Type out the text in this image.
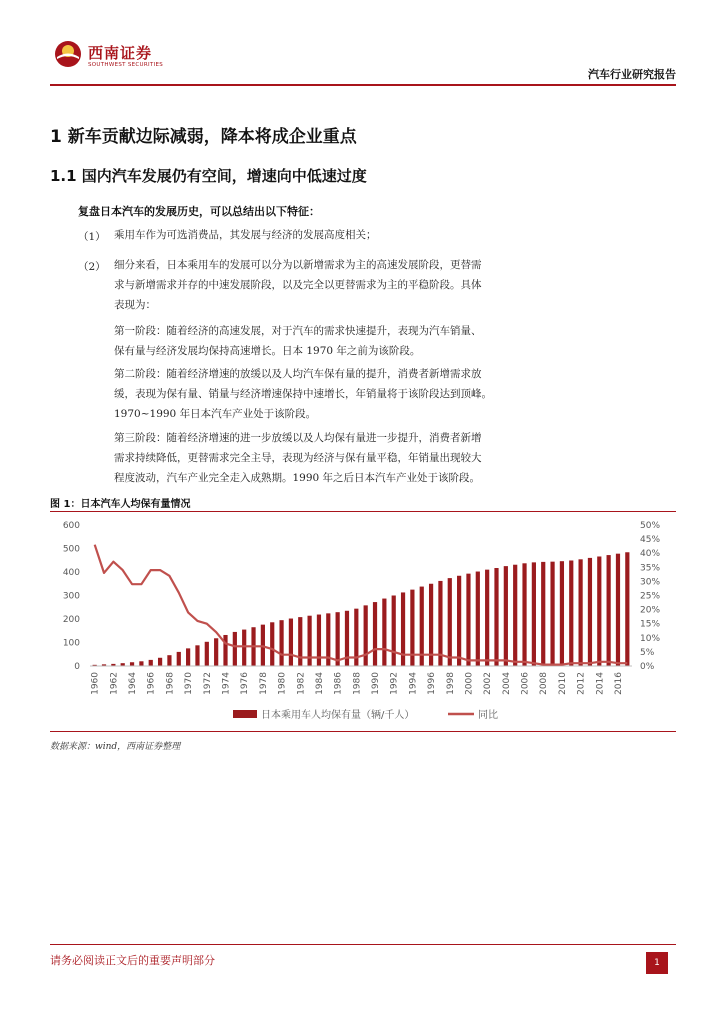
西南证券
SOUTHWEST SECURITIES
汽车行业研究报告
1 新车贡献边际减弱，降本将成企业重点
1.1 国内汽车发展仍有空间，增速向中低速过度
复盘日本汽车的发展历史，可以总结出以下特征：
（1） 乘用车作为可选消费品，其发展与经济的发展高度相关；
（2） 细分来看，日本乘用车的发展可以分为以新增需求为主的高速发展阶段，更替需
求与新增需求并存的中速发展阶段，以及完全以更替需求为主的平稳阶段。具体
表现为：
第一阶段：随着经济的高速发展，对于汽车的需求快速提升，表现为汽车销量、
保有量与经济发展均保持高速增长。日本 1970 年之前为该阶段。
第二阶段：随着经济增速的放缓以及人均汽车保有量的提升，消费者新增需求放
缓，表现为保有量、销量与经济增速保持中速增长，年销量将于该阶段达到顶峰。
1970~1990 年日本汽车产业处于该阶段。
第三阶段：随着经济增速的进一步放缓以及人均保有量进一步提升，消费者新增
需求持续降低，更替需求完全主导，表现为经济与保有量平稳，年销量出现较大
程度波动，汽车产业完全走入成熟期。1990 年之后日本汽车产业处于该阶段。
图 1：日本汽车人均保有量情况
0
100
200
300
400
500
600
0%
5%
10%
15%
20%
25%
30%
35%
40%
45%
50%
1960 1962 1964 1966 1968 1970 1972 1974 1976 1978 1980 1982 1984 1986 1988 1990 1992 1994 1996 1998 2000 2002 2004 2006 2008 2010 2012 2014 2016
日本乘用车人均保有量（辆/千人）	同比
数据来源：wind，西南证券整理
请务必阅读正文后的重要声明部分	1
